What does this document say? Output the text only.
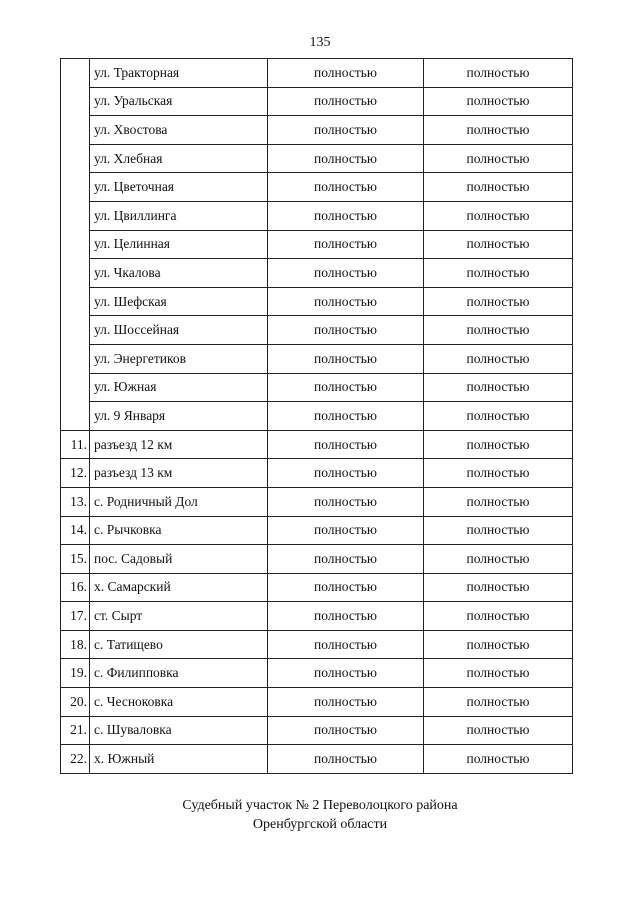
135
	ул. Тракторная	полностью	полностью
	ул. Уральская	полностью	полностью
	ул. Хвостова	полностью	полностью
	ул. Хлебная	полностью	полностью
	ул. Цветочная	полностью	полностью
	ул. Цвиллинга	полностью	полностью
	ул. Целинная	полностью	полностью
	ул. Чкалова	полностью	полностью
	ул. Шефская	полностью	полностью
	ул. Шоссейная	полностью	полностью
	ул. Энергетиков	полностью	полностью
	ул. Южная	полностью	полностью
	ул. 9 Января	полностью	полностью
11.	разъезд 12 км	полностью	полностью
12.	разъезд 13 км	полностью	полностью
13.	с. Родничный Дол	полностью	полностью
14.	с. Рычковка	полностью	полностью
15.	пос. Садовый	полностью	полностью
16.	х. Самарский	полностью	полностью
17.	ст. Сырт	полностью	полностью
18.	с. Татищево	полностью	полностью
19.	с. Филипповка	полностью	полностью
20.	с. Чесноковка	полностью	полностью
21.	с. Шуваловка	полностью	полностью
22.	х. Южный	полностью	полностью
Судебный участок № 2 Переволоцкого района
Оренбургской области
